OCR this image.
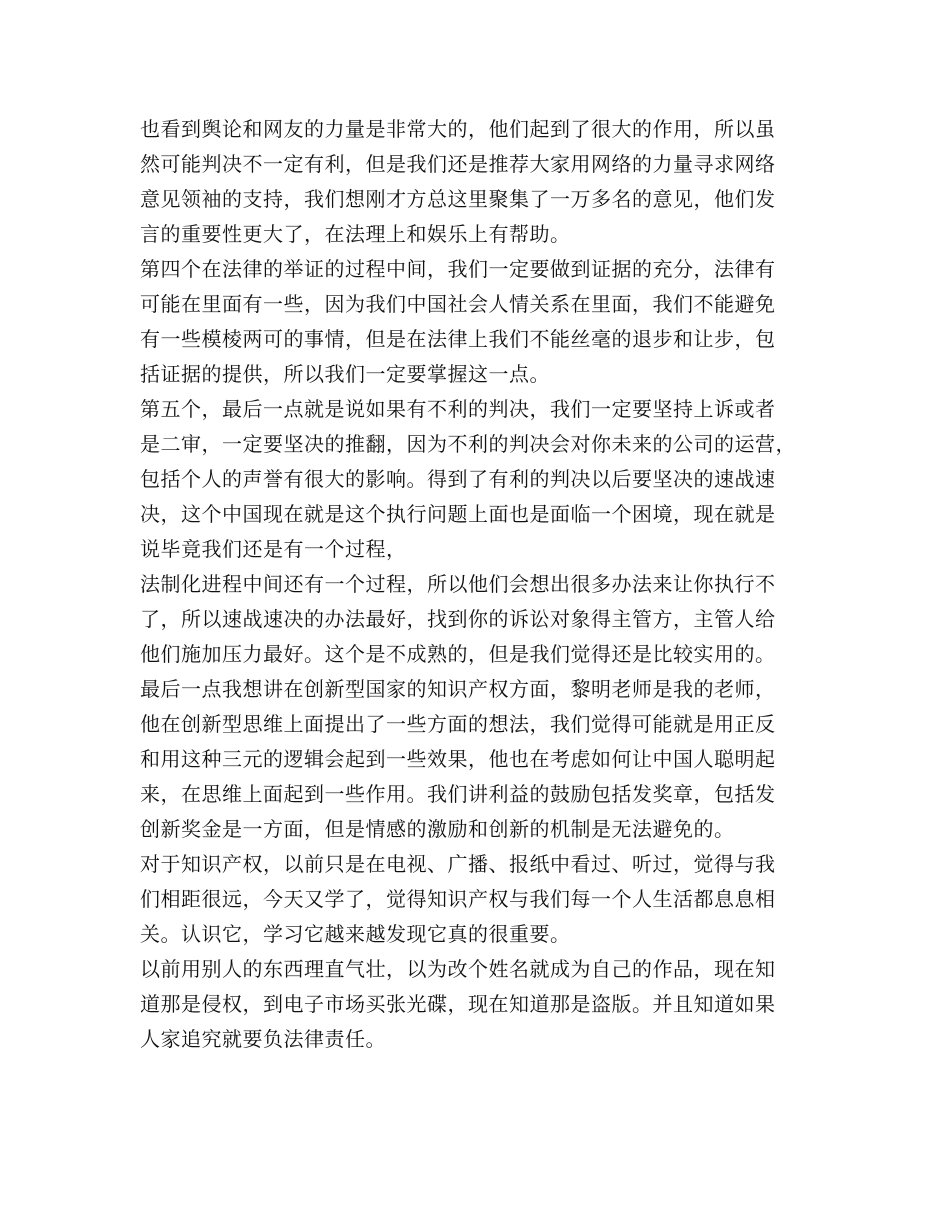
也看到舆论和网友的力量是非常大的，他们起到了很大的作用，所以虽
然可能判决不一定有利，但是我们还是推荐大家用网络的力量寻求网络
意见领袖的支持，我们想刚才方总这里聚集了一万多名的意见，他们发
言的重要性更大了，在法理上和娱乐上有帮助。

第四个在法律的举证的过程中间，我们一定要做到证据的充分，法律有
可能在里面有一些，因为我们中国社会人情关系在里面，我们不能避免
有一些模棱两可的事情，但是在法律上我们不能丝毫的退步和让步，包
括证据的提供，所以我们一定要掌握这一点。

第五个，最后一点就是说如果有不利的判决，我们一定要坚持上诉或者
是二审，一定要坚决的推翻，因为不利的判决会对你未来的公司的运营，
包括个人的声誉有很大的影响。得到了有利的判决以后要坚决的速战速
决，这个中国现在就是这个执行问题上面也是面临一个困境，现在就是
说毕竟我们还是有一个过程，

法制化进程中间还有一个过程，所以他们会想出很多办法来让你执行不
了，所以速战速决的办法最好，找到你的诉讼对象得主管方，主管人给
他们施加压力最好。这个是不成熟的，但是我们觉得还是比较实用的。

最后一点我想讲在创新型国家的知识产权方面，黎明老师是我的老师，
他在创新型思维上面提出了一些方面的想法，我们觉得可能就是用正反
和用这种三元的逻辑会起到一些效果，他也在考虑如何让中国人聪明起
来，在思维上面起到一些作用。我们讲利益的鼓励包括发奖章，包括发
创新奖金是一方面，但是情感的激励和创新的机制是无法避免的。

对于知识产权，以前只是在电视、广播、报纸中看过、听过，觉得与我
们相距很远，今天又学了，觉得知识产权与我们每一个人生活都息息相
关。认识它，学习它越来越发现它真的很重要。

以前用别人的东西理直气壮，以为改个姓名就成为自己的作品，现在知
道那是侵权，到电子市场买张光碟，现在知道那是盗版。并且知道如果
人家追究就要负法律责任。
